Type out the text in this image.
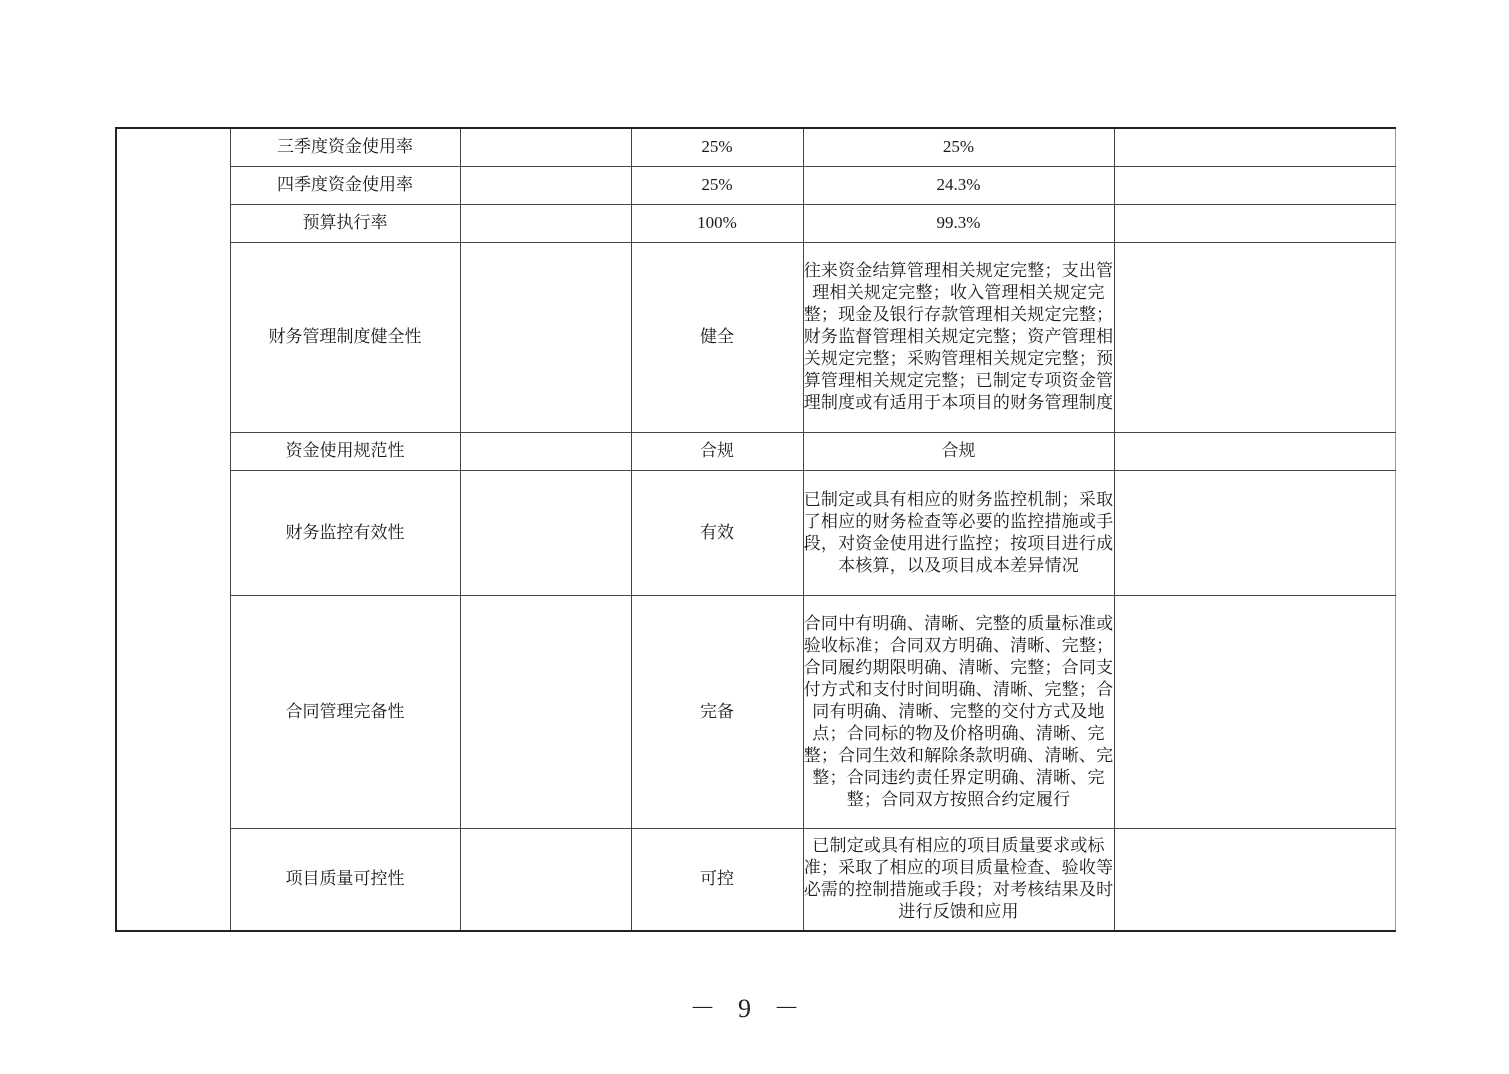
	三季度资金使用率		25%	25%	
	四季度资金使用率		25%	24.3%	
	预算执行率		100%	99.3%	
	财务管理制度健全性		健全	往来资金结算管理相关规定完整；支出管理相关规定完整；收入管理相关规定完整；现金及银行存款管理相关规定完整；财务监督管理相关规定完整；资产管理相关规定完整；采购管理相关规定完整；预算管理相关规定完整；已制定专项资金管理制度或有适用于本项目的财务管理制度	

	资金使用规范性		合规	合规	
	财务监控有效性		有效	已制定或具有相应的财务监控机制；采取了相应的财务检查等必要的监控措施或手段，对资金使用进行监控；按项目进行成本核算，以及项目成本差异情况	

	合同管理完备性		完备	合同中有明确、清晰、完整的质量标准或验收标准；合同双方明确、清晰、完整；合同履约期限明确、清晰、完整；合同支付方式和支付时间明确、清晰、完整；合同有明确、清晰、完整的交付方式及地点；合同标的物及价格明确、清晰、完整；合同生效和解除条款明确、清晰、完整；合同违约责任界定明确、清晰、完整；合同双方按照合约定履行	

	项目质量可控性		可控	已制定或具有相应的项目质量要求或标准；采取了相应的项目质量检查、验收等必需的控制措施或手段；对考核结果及时进行反馈和应用	

－ 9 －
